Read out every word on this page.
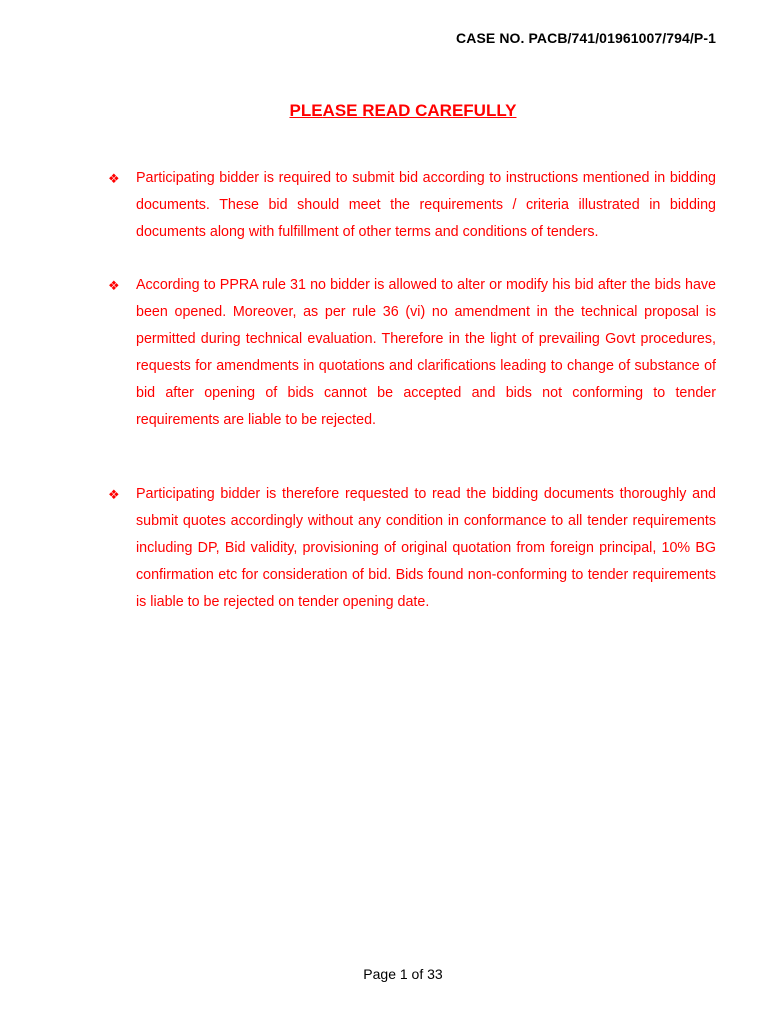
CASE NO. PACB/741/01961007/794/P-1
PLEASE READ CAREFULLY
❖	Participating bidder is required to submit bid according to instructions mentioned in bidding documents. These bid should meet the requirements / criteria illustrated in bidding documents along with fulfillment of other terms and conditions of tenders.
❖	According to PPRA rule 31 no bidder is allowed to alter or modify his bid after the bids have been opened. Moreover, as per rule 36 (vi) no amendment in the technical proposal is permitted during technical evaluation. Therefore in the light of prevailing Govt procedures, requests for amendments in quotations and clarifications leading to change of substance of bid after opening of bids cannot be accepted and bids not conforming to tender requirements are liable to be rejected.
❖	Participating bidder is therefore requested to read the bidding documents thoroughly and submit quotes accordingly without any condition in conformance to all tender requirements including DP, Bid validity, provisioning of original quotation from foreign principal, 10% BG confirmation etc for consideration of bid. Bids found non-conforming to tender requirements is liable to be rejected on tender opening date.
Page 1 of 33
